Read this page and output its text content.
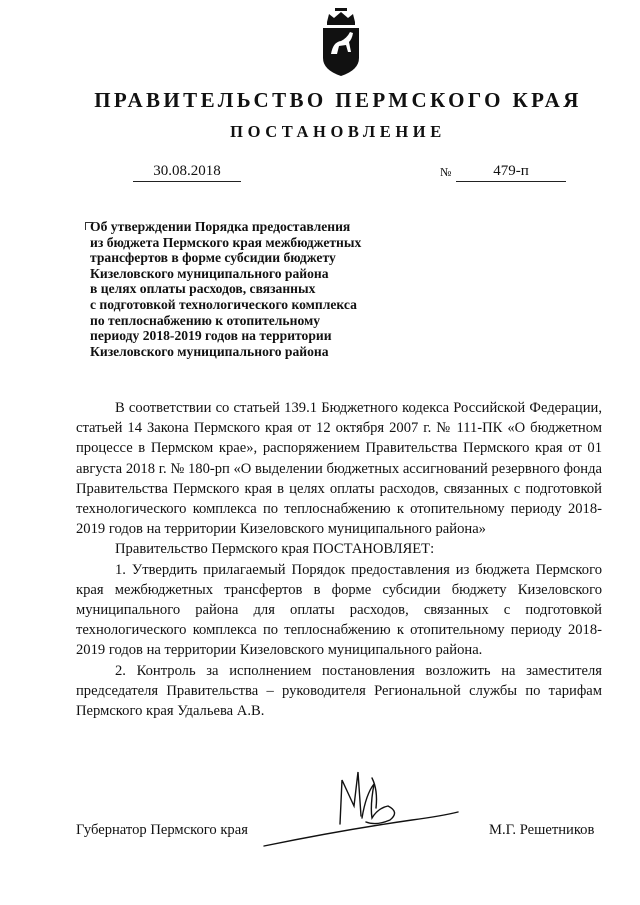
ПРАВИТЕЛЬСТВО ПЕРМСКОГО КРАЯ
ПОСТАНОВЛЕНИЕ
30.08.2018	№	479-п
Об утверждении Порядка предоставления
из бюджета Пермского края межбюджетных
трансфертов в форме субсидии бюджету
Кизеловского муниципального района
в целях оплаты расходов, связанных
с подготовкой технологического комплекса
по теплоснабжению к отопительному
периоду 2018-2019 годов на территории
Кизеловского муниципального района

В соответствии со статьей 139.1 Бюджетного кодекса Российской Федерации, статьей 14 Закона Пермского края от 12 октября 2007 г. № 111-ПК «О бюджетном процессе в Пермском крае», распоряжением Правительства Пермского края от 01 августа 2018 г. № 180-рп «О выделении бюджетных ассигнований резервного фонда Правительства Пермского края в целях оплаты расходов, связанных с подготовкой технологического комплекса по теплоснабжению к отопительному периоду 2018-2019 годов на территории Кизеловского муниципального района»

Правительство Пермского края ПОСТАНОВЛЯЕТ:

1. Утвердить прилагаемый Порядок предоставления из бюджета Пермского края межбюджетных трансфертов в форме субсидии бюджету Кизеловского муниципального района для оплаты расходов, связанных с подготовкой технологического комплекса по теплоснабжению к отопительному периоду 2018-2019 годов на территории Кизеловского муниципального района.

2. Контроль за исполнением постановления возложить на заместителя председателя Правительства – руководителя Региональной службы по тарифам Пермского края Удальева А.В.

Губернатор Пермского края	М.Г. Решетников
